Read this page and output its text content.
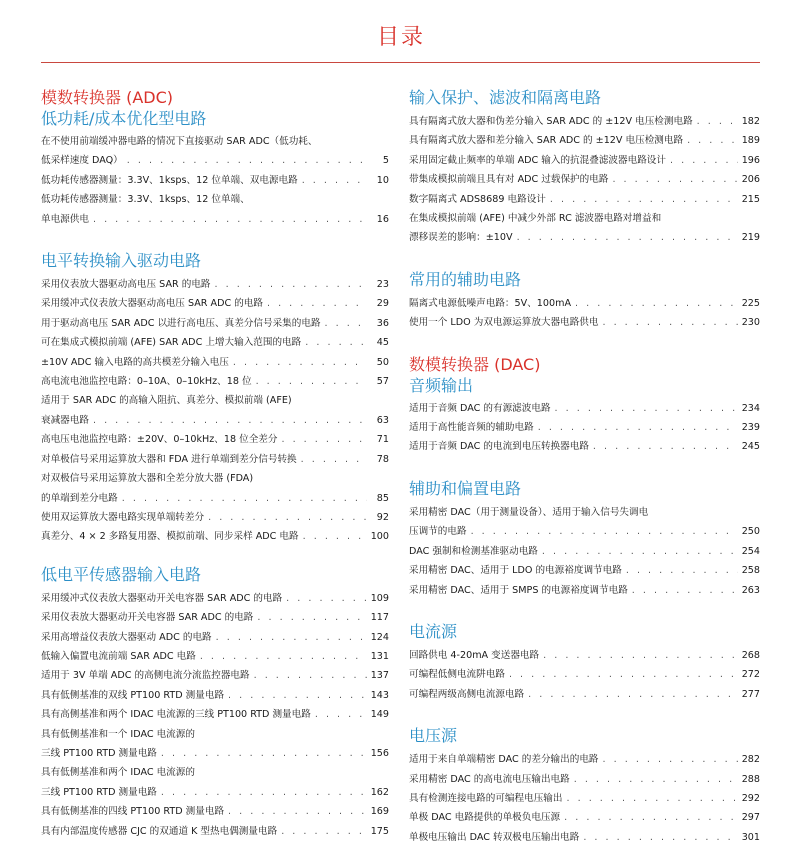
目录
模数转换器 (ADC)
低功耗/成本优化型电路
在不使用前端缓冲器电路的情况下直接驱动 SAR ADC（低功耗、
低采样速度 DAQ） . . .	5
低功耗传感器测量：3.3V、1ksps、12 位单端、双电源电路 . . .	10
低功耗传感器测量：3.3V、1ksps、12 位单端、
单电源供电 . . .	16
电平转换输入驱动电路
采用仪表放大器驱动高电压 SAR 的电路 . . .	23
采用缓冲式仪表放大器驱动高电压 SAR ADC 的电路 . . .	29
用于驱动高电压 SAR ADC 以进行高电压、真差分信号采集的电路 . . .	36
可在集成式模拟前端 (AFE) SAR ADC 上增大输入范围的电路 . . .	45
±10V ADC 输入电路的高共模差分输入电压 . . .	50
高电流电池监控电路：0–10A、0–10kHz、18 位 . . .	57
适用于 SAR ADC 的高输入阻抗、真差分、模拟前端 (AFE)
衰减器电路 . . .	63
高电压电池监控电路：±20V、0–10kHz、18 位全差分 . . .	71
对单极信号采用运算放大器和 FDA 进行单端到差分信号转换 . . .	78
对双极信号采用运算放大器和全差分放大器 (FDA)
的单端到差分电路 . . .	85
使用双运算放大器电路实现单端转差分 . . .	92
真差分、4 × 2 多路复用器、模拟前端、同步采样 ADC 电路 . . .	100
低电平传感器输入电路
采用缓冲式仪表放大器驱动开关电容器 SAR ADC 的电路 . . .	109
采用仪表放大器驱动开关电容器 SAR ADC 的电路 . . .	117
采用高增益仪表放大器驱动 ADC 的电路 . . .	124
低输入偏置电流前端 SAR ADC 电路 . . .	131
适用于 3V 单端 ADC 的高侧电流分流监控器电路 . . .	137
具有低侧基准的双线 PT100 RTD 测量电路 . . .	143
具有高侧基准和两个 IDAC 电流源的三线 PT100 RTD 测量电路 . . .	149
具有低侧基准和一个 IDAC 电流源的
三线 PT100 RTD 测量电路 . . .	156
具有低侧基准和两个 IDAC 电流源的
三线 PT100 RTD 测量电路 . . .	162
具有低侧基准的四线 PT100 RTD 测量电路 . . .	169
具有内部温度传感器 CJC 的双通道 K 型热电偶测量电路 . . .	175
输入保护、滤波和隔离电路
具有隔离式放大器和伪差分输入 SAR ADC 的 ±12V 电压检测电路 . . .	182
具有隔离式放大器和差分输入 SAR ADC 的 ±12V 电压检测电路 . . .	189
采用固定截止频率的单端 ADC 输入的抗混叠滤波器电路设计 . . .	196
带集成模拟前端且具有对 ADC 过载保护的电路 . . .	206
数字隔离式 ADS8689 电路设计 . . .	215
在集成模拟前端 (AFE) 中减少外部 RC 滤波器电路对增益和
漂移误差的影响：±10V . . .	219
常用的辅助电路
隔离式电源低噪声电路：5V、100mA . . .	225
使用一个 LDO 为双电源运算放大器电路供电 . . .	230
数模转换器 (DAC)
音频输出
适用于音频 DAC 的有源滤波电路 . . .	234
适用于高性能音频的辅助电路 . . .	239
适用于音频 DAC 的电流到电压转换器电路 . . .	245
辅助和偏置电路
采用精密 DAC（用于测量设备）、适用于输入信号失调电
压调节的电路 . . .	250
DAC 强制和检测基准驱动电路 . . .	254
采用精密 DAC、适用于 LDO 的电源裕度调节电路 . . .	258
采用精密 DAC、适用于 SMPS 的电源裕度调节电路 . . .	263
电流源
回路供电 4-20mA 变送器电路 . . .	268
可编程低侧电流阱电路 . . .	272
可编程两级高侧电流源电路 . . .	277
电压源
适用于来自单端精密 DAC 的差分输出的电路 . . .	282
采用精密 DAC 的高电流电压输出电路 . . .	288
具有检测连接电路的可编程电压输出 . . .	292
单极 DAC 电路提供的单极负电压源 . . .	297
单极电压输出 DAC 转双极电压输出电路 . . .	301
